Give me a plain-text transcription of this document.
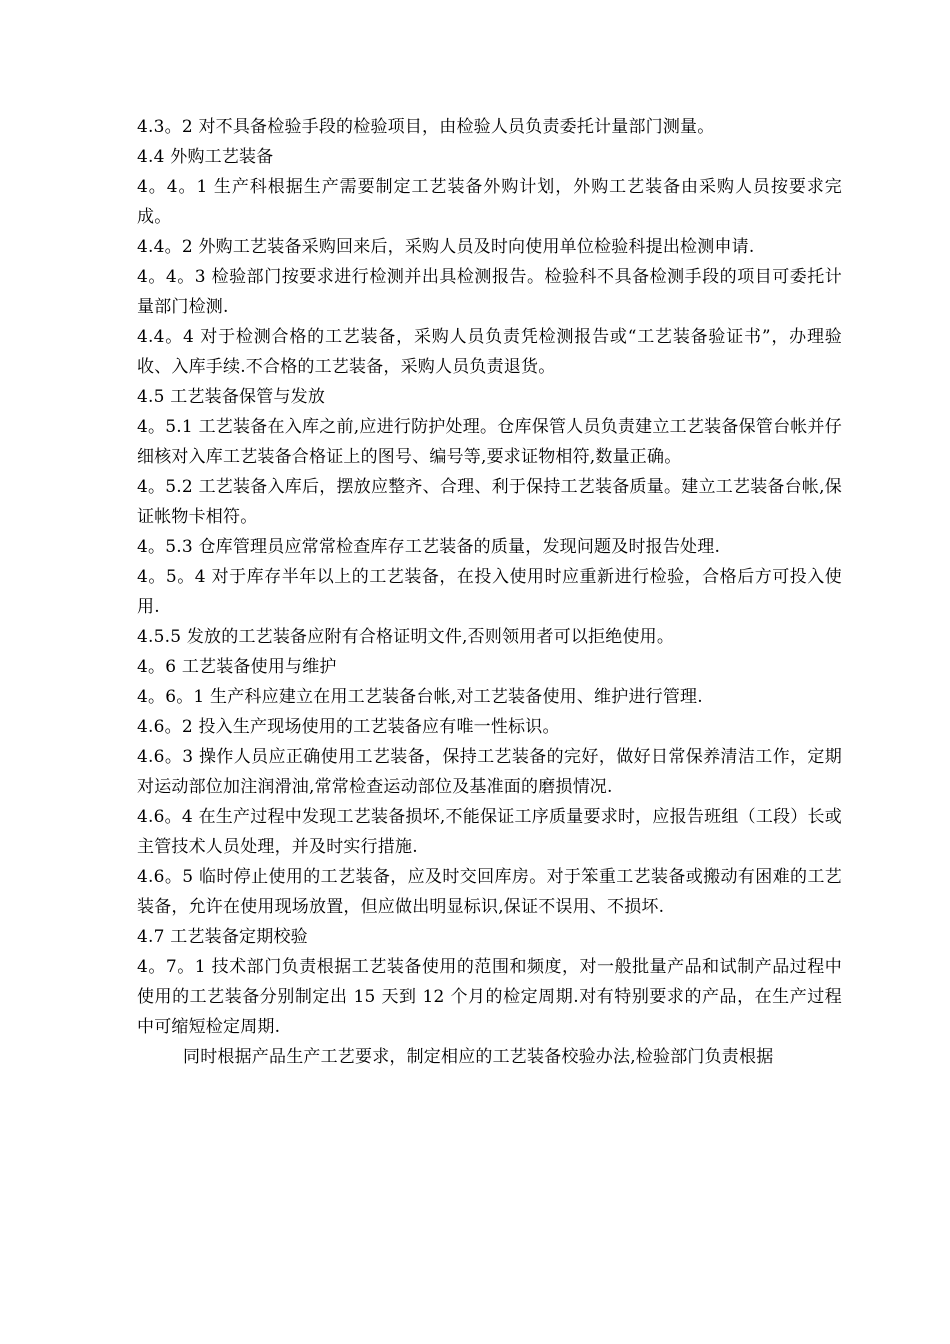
4.3。2 对不具备检验手段的检验项目，由检验人员负责委托计量部门测量。

4.4 外购工艺装备

4。4。1 生产科根据生产需要制定工艺装备外购计划，外购工艺装备由采购人员按要求完成。

4.4。2 外购工艺装备采购回来后，采购人员及时向使用单位检验科提出检测申请.

4。4。3 检验部门按要求进行检测并出具检测报告。检验科不具备检测手段的项目可委托计量部门检测.

4.4。4 对于检测合格的工艺装备，采购人员负责凭检测报告或“工艺装备验证书”，办理验收、入库手续.不合格的工艺装备，采购人员负责退货。

4.5 工艺装备保管与发放

4。5.1 工艺装备在入库之前,应进行防护处理。仓库保管人员负责建立工艺装备保管台帐并仔细核对入库工艺装备合格证上的图号、编号等,要求证物相符,数量正确。

4。5.2 工艺装备入库后，摆放应整齐、合理、利于保持工艺装备质量。建立工艺装备台帐,保证帐物卡相符。

4。5.3 仓库管理员应常常检查库存工艺装备的质量，发现问题及时报告处理.

4。5。4 对于库存半年以上的工艺装备，在投入使用时应重新进行检验，合格后方可投入使用.

4.5.5 发放的工艺装备应附有合格证明文件,否则领用者可以拒绝使用。

4。6 工艺装备使用与维护

4。6。1 生产科应建立在用工艺装备台帐,对工艺装备使用、维护进行管理.

4.6。2 投入生产现场使用的工艺装备应有唯一性标识。

4.6。3 操作人员应正确使用工艺装备，保持工艺装备的完好，做好日常保养清洁工作，定期对运动部位加注润滑油,常常检查运动部位及基准面的磨损情况.

4.6。4 在生产过程中发现工艺装备损坏,不能保证工序质量要求时，应报告班组（工段）长或主管技术人员处理，并及时实行措施.

4.6。5 临时停止使用的工艺装备，应及时交回库房。对于笨重工艺装备或搬动有困难的工艺装备，允许在使用现场放置，但应做出明显标识,保证不误用、不损坏.

4.7 工艺装备定期校验

4。7。1 技术部门负责根据工艺装备使用的范围和频度，对一般批量产品和试制产品过程中使用的工艺装备分别制定出 15 天到 12 个月的检定周期.对有特别要求的产品，在生产过程中可缩短检定周期.

同时根据产品生产工艺要求，制定相应的工艺装备校验办法,检验部门负责根据
